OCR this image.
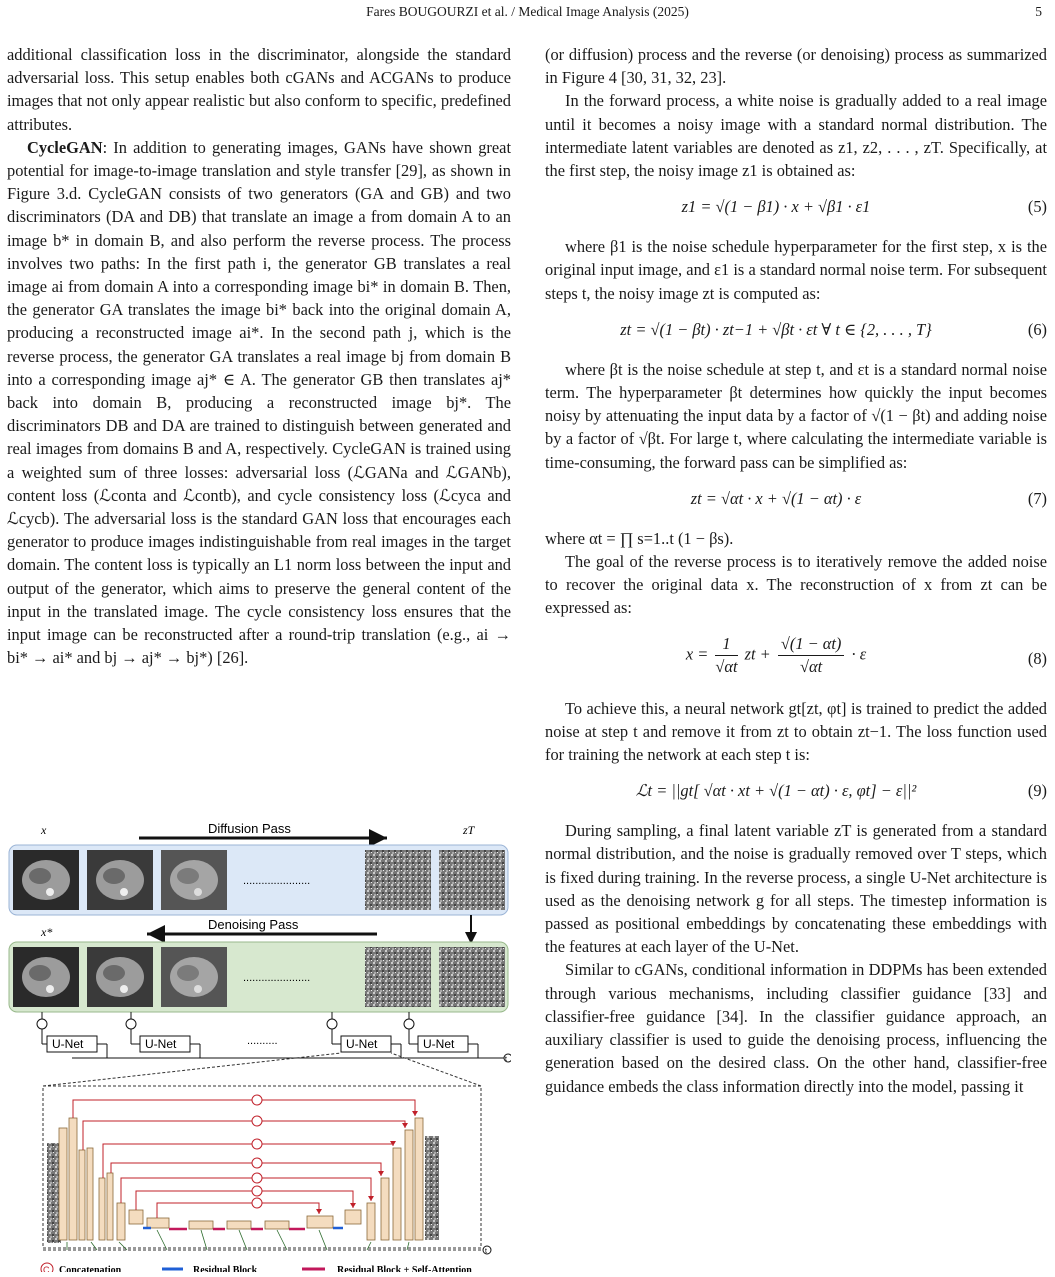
Fares BOUGOURZI et al. / Medical Image Analysis (2025)	5

additional classification loss in the discriminator, alongside the standard adversarial loss. This setup enables both cGANs and ACGANs to produce images that not only appear realistic but also conform to specific, predefined attributes.

CycleGAN: In addition to generating images, GANs have shown great potential for image-to-image translation and style transfer [29], as shown in Figure 3.d. CycleGAN consists of two generators (GA and GB) and two discriminators (DA and DB) that translate an image a from domain A to an image b* in domain B, and also perform the reverse process. The process involves two paths: In the first path i, the generator GB translates a real image ai from domain A into a corresponding image bi* in domain B. Then, the generator GA translates the image bi* back into the original domain A, producing a reconstructed image ai*. In the second path j, which is the reverse process, the generator GA translates a real image bj from domain B into a corresponding image aj* ∈ A. The generator GB then translates aj* back into domain B, producing a reconstructed image bj*. The discriminators DB and DA are trained to distinguish between generated and real images from domains B and A, respectively. CycleGAN is trained using a weighted sum of three losses: adversarial loss (ℒGANa and ℒGANb), content loss (ℒconta and ℒcontb), and cycle consistency loss (ℒcyca and ℒcycb). The adversarial loss is the standard GAN loss that encourages each generator to produce images indistinguishable from real images in the target domain. The content loss is typically an L1 norm loss between the input and output of the generator, which aims to preserve the general content of the input in the translated image. The cycle consistency loss ensures that the input image can be reconstructed after a round-trip translation (e.g., ai → bi* → ai* and bj → aj* → bj*) [26].

(or diffusion) process and the reverse (or denoising) process as summarized in Figure 4 [30, 31, 32, 23].

In the forward process, a white noise is gradually added to a real image until it becomes a noisy image with a standard normal distribution. The intermediate latent variables are denoted as z1, z2, . . . , zT. Specifically, at the first step, the noisy image z1 is obtained as:

z1 = √(1 − β1) · x + √β1 · ε1	(5)

where β1 is the noise schedule hyperparameter for the first step, x is the original input image, and ε1 is a standard normal noise term. For subsequent steps t, the noisy image zt is computed as:

zt = √(1 − βt) · zt−1 + √βt · εt ∀ t ∈ {2, . . . , T}	(6)

where βt is the noise schedule at step t, and εt is a standard normal noise term. The hyperparameter βt determines how quickly the input becomes noisy by attenuating the input data by a factor of √(1 − βt) and adding noise by a factor of √βt. For large t, where calculating the intermediate variable is time-consuming, the forward pass can be simplified as:

zt = √αt · x + √(1 − αt) · ε	(7)

where αt = ∏ s=1..t (1 − βs).

The goal of the reverse process is to iteratively remove the added noise to recover the original data x. The reconstruction of x from zt can be expressed as:

$x = \frac{1}{√\alpha t}$ zt + $\frac{√(1 - \alpha t)}{√\alpha t} \cdot \varepsilon$	(8)

To achieve this, a neural network gt[zt, φt] is trained to predict the added noise at step t and remove it from zt to obtain zt−1. The loss function used for training the network at each step t is:

ℒt = ||gt[ √αt · xt + √(1 − αt) · ε, φt] − ε||²	(9)

During sampling, a final latent variable zT is generated from a standard normal distribution, and the noise is gradually removed over T steps, which is fixed during training. In the reverse process, a single U-Net architecture is used as the denoising network g for all steps. The timestep information is passed as positional embeddings by concatenating these embeddings with the features at each layer of the U-Net.

Similar to cGANs, conditional information in DDPMs has been extended through various mechanisms, including classifier guidance [33] and classifier-free guidance [34]. In the classifier guidance approach, an auxiliary classifier is used to guide the denoising process, influencing the generation based on the desired class. On the other hand, classifier-free guidance embeds the class information directly into the model, passing it

x	zT
Diffusion Pass
......................
x*	Denoising Pass
......................
U-Net	U-Net	U-Net	U-Net
..........
t
t
C Concatenation	Residual Block	Residual Block + Self-Attention
